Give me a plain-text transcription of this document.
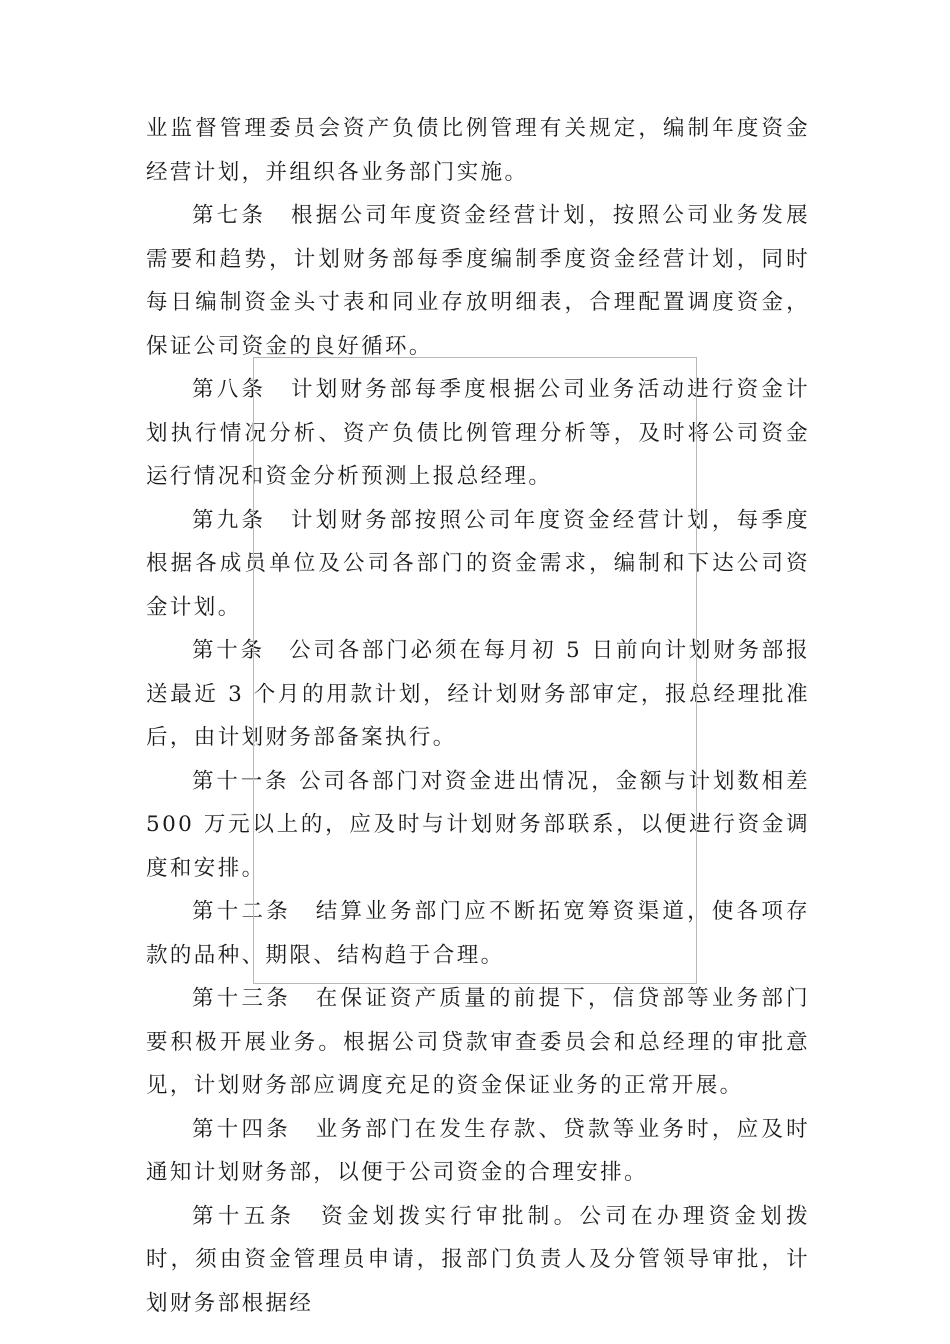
业监督管理委员会资产负债比例管理有关规定，编制年度资金经营计划，并组织各业务部门实施。

第七条　根据公司年度资金经营计划，按照公司业务发展需要和趋势，计划财务部每季度编制季度资金经营计划，同时每日编制资金头寸表和同业存放明细表，合理配置调度资金，保证公司资金的良好循环。

第八条　计划财务部每季度根据公司业务活动进行资金计划执行情况分析、资产负债比例管理分析等，及时将公司资金运行情况和资金分析预测上报总经理。

第九条　计划财务部按照公司年度资金经营计划，每季度根据各成员单位及公司各部门的资金需求，编制和下达公司资金计划。

第十条　公司各部门必须在每月初 5 日前向计划财务部报送最近 3 个月的用款计划，经计划财务部审定，报总经理批准后，由计划财务部备案执行。

第十一条 公司各部门对资金进出情况，金额与计划数相差 500 万元以上的，应及时与计划财务部联系，以便进行资金调度和安排。

第十二条　结算业务部门应不断拓宽筹资渠道，使各项存款的品种、期限、结构趋于合理。

第十三条　在保证资产质量的前提下，信贷部等业务部门要积极开展业务。根据公司贷款审查委员会和总经理的审批意见，计划财务部应调度充足的资金保证业务的正常开展。

第十四条　业务部门在发生存款、贷款等业务时，应及时通知计划财务部，以便于公司资金的合理安排。

第十五条　资金划拨实行审批制。公司在办理资金划拨时，须由资金管理员申请，报部门负责人及分管领导审批，计划财务部根据经
